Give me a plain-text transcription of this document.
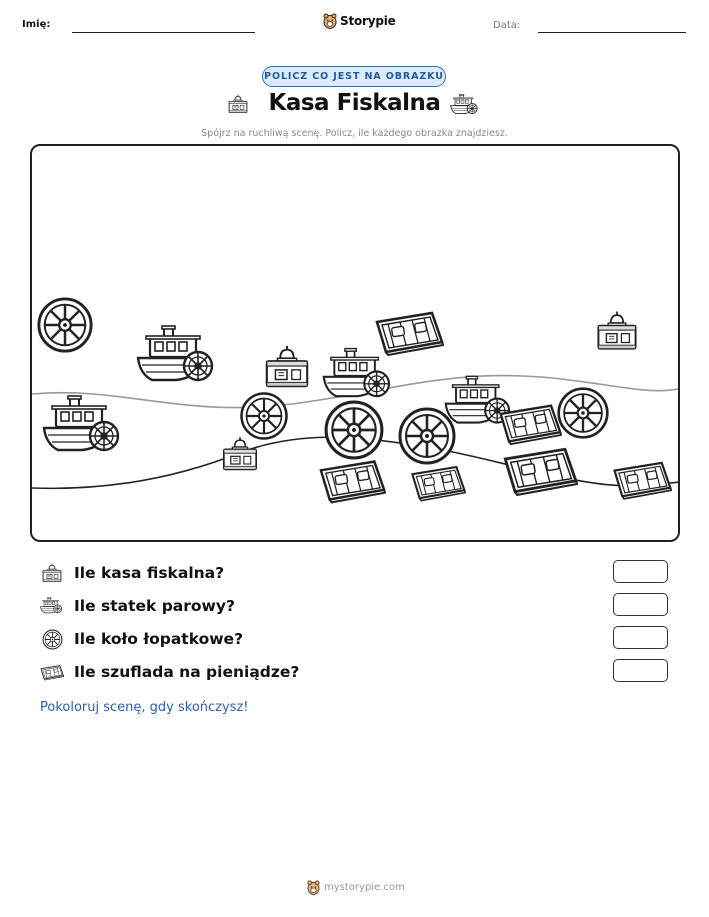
Imię:	Storypie	Data:
POLICZ CO JEST NA OBRAZKU
Kasa Fiskalna
Spójrz na ruchliwą scenę. Policz, ile każdego obrazka znajdziesz.
Ile kasa fiskalna?
Ile statek parowy?
Ile koło łopatkowe?
Ile szuflada na pieniądze?
Pokoloruj scenę, gdy skończysz!
mystorypie.com
